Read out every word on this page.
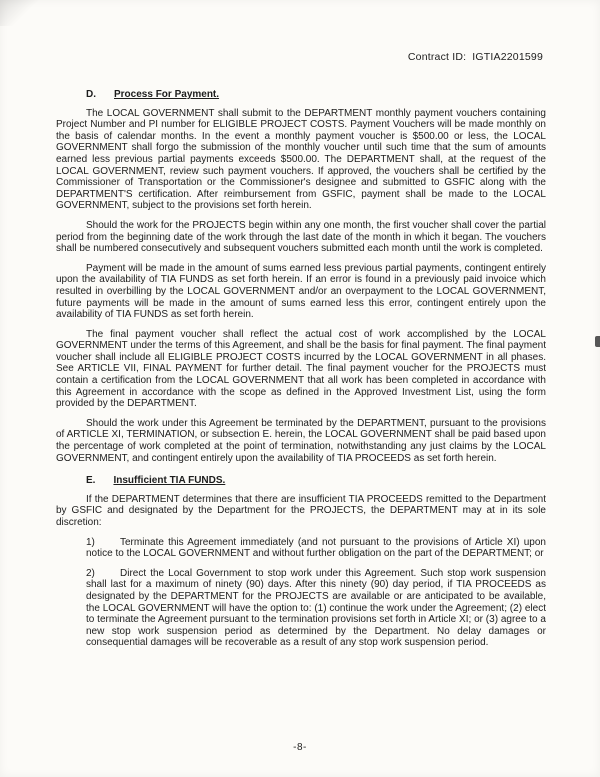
Contract ID: IGTIA2201599
D. Process For Payment.

The LOCAL GOVERNMENT shall submit to the DEPARTMENT monthly payment vouchers containing Project Number and PI number for ELIGIBLE PROJECT COSTS. Payment Vouchers will be made monthly on the basis of calendar months. In the event a monthly payment voucher is $500.00 or less, the LOCAL GOVERNMENT shall forgo the submission of the monthly voucher until such time that the sum of amounts earned less previous partial payments exceeds $500.00. The DEPARTMENT shall, at the request of the LOCAL GOVERNMENT, review such payment vouchers. If approved, the vouchers shall be certified by the Commissioner of Transportation or the Commissioner's designee and submitted to GSFIC along with the DEPARTMENT'S certification. After reimbursement from GSFIC, payment shall be made to the LOCAL GOVERNMENT, subject to the provisions set forth herein.

Should the work for the PROJECTS begin within any one month, the first voucher shall cover the partial period from the beginning date of the work through the last date of the month in which it began. The vouchers shall be numbered consecutively and subsequent vouchers submitted each month until the work is completed.

Payment will be made in the amount of sums earned less previous partial payments, contingent entirely upon the availability of TIA FUNDS as set forth herein. If an error is found in a previously paid invoice which resulted in overbilling by the LOCAL GOVERNMENT and/or an overpayment to the LOCAL GOVERNMENT, future payments will be made in the amount of sums earned less this error, contingent entirely upon the availability of TIA FUNDS as set forth herein.

The final payment voucher shall reflect the actual cost of work accomplished by the LOCAL GOVERNMENT under the terms of this Agreement, and shall be the basis for final payment. The final payment voucher shall include all ELIGIBLE PROJECT COSTS incurred by the LOCAL GOVERNMENT in all phases. See ARTICLE VII, FINAL PAYMENT for further detail. The final payment voucher for the PROJECTS must contain a certification from the LOCAL GOVERNMENT that all work has been completed in accordance with this Agreement in accordance with the scope as defined in the Approved Investment List, using the form provided by the DEPARTMENT.

Should the work under this Agreement be terminated by the DEPARTMENT, pursuant to the provisions of ARTICLE XI, TERMINATION, or subsection E. herein, the LOCAL GOVERNMENT shall be paid based upon the percentage of work completed at the point of termination, notwithstanding any just claims by the LOCAL GOVERNMENT, and contingent entirely upon the availability of TIA PROCEEDS as set forth herein.

E. Insufficient TIA FUNDS.

If the DEPARTMENT determines that there are insufficient TIA PROCEEDS remitted to the Department by GSFIC and designated by the Department for the PROJECTS, the DEPARTMENT may at in its sole discretion:

1)	Terminate this Agreement immediately (and not pursuant to the provisions of Article XI) upon notice to the LOCAL GOVERNMENT and without further obligation on the part of the DEPARTMENT; or
2)	Direct the Local Government to stop work under this Agreement. Such stop work suspension shall last for a maximum of ninety (90) days. After this ninety (90) day period, if TIA PROCEEDS as designated by the DEPARTMENT for the PROJECTS are available or are anticipated to be available, the LOCAL GOVERNMENT will have the option to: (1) continue the work under the Agreement; (2) elect to terminate the Agreement pursuant to the termination provisions set forth in Article XI; or (3) agree to a new stop work suspension period as determined by the Department. No delay damages or consequential damages will be recoverable as a result of any stop work suspension period.
-8-
